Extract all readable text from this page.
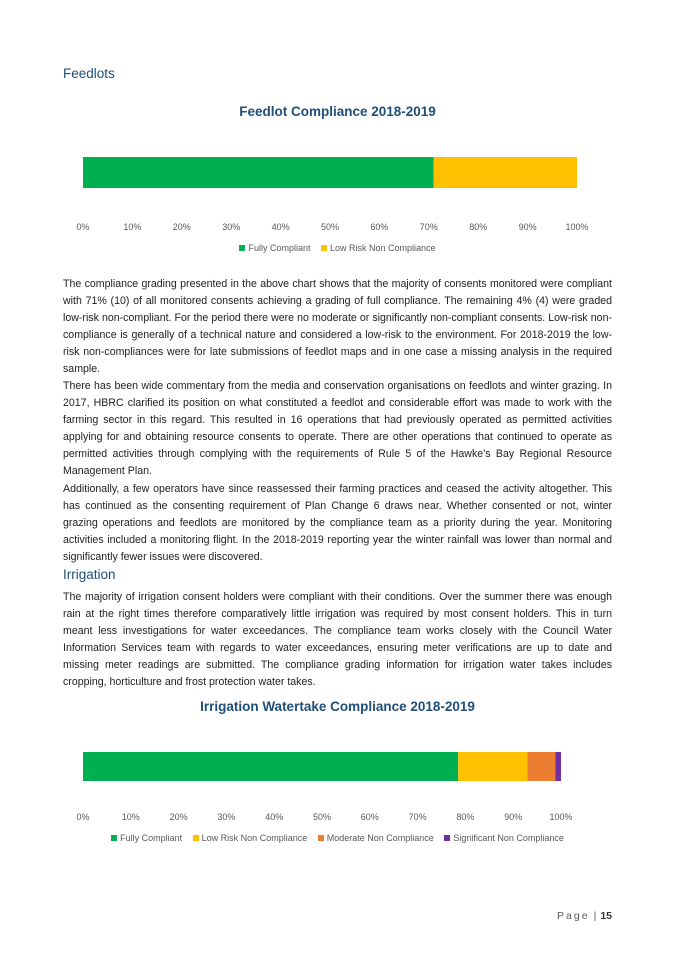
Feedlots
Feedlot Compliance 2018-2019
0%	10%	20%	30%	40%	50%	60%	70%	80%	90%	100%
Fully Compliant Low Risk Non Compliance

The compliance grading presented in the above chart shows that the majority of consents monitored were compliant with 71% (10) of all monitored consents achieving a grading of full compliance. The remaining 4% (4) were graded low-risk non-compliant. For the period there were no moderate or significantly non-compliant consents. Low-risk non-compliance is generally of a technical nature and considered a low-risk to the environment. For 2018-2019 the low-risk non-compliances were for late submissions of feedlot maps and in one case a missing analysis in the required sample.

There has been wide commentary from the media and conservation organisations on feedlots and winter grazing. In 2017, HBRC clarified its position on what constituted a feedlot and considerable effort was made to work with the farming sector in this regard. This resulted in 16 operations that had previously operated as permitted activities applying for and obtaining resource consents to operate. There are other operations that continued to operate as permitted activities through complying with the requirements of Rule 5 of the Hawke’s Bay Regional Resource Management Plan.

Additionally, a few operators have since reassessed their farming practices and ceased the activity altogether. This has continued as the consenting requirement of Plan Change 6 draws near. Whether consented or not, winter grazing operations and feedlots are monitored by the compliance team as a priority during the year. Monitoring activities included a monitoring flight. In the 2018-2019 reporting year the winter rainfall was lower than normal and significantly fewer issues were discovered.

Irrigation

The majority of irrigation consent holders were compliant with their conditions. Over the summer there was enough rain at the right times therefore comparatively little irrigation was required by most consent holders. This in turn meant less investigations for water exceedances. The compliance team works closely with the Council Water Information Services team with regards to water exceedances, ensuring meter verifications are up to date and missing meter readings are submitted. The compliance grading information for irrigation water takes includes cropping, horticulture and frost protection water takes.

Irrigation Watertake Compliance 2018-2019
0%	10%	20%	30%	40%	50%	60%	70%	80%	90%	100%
Fully Compliant Low Risk Non Compliance Moderate Non Compliance Significant Non Compliance
Page | 15
